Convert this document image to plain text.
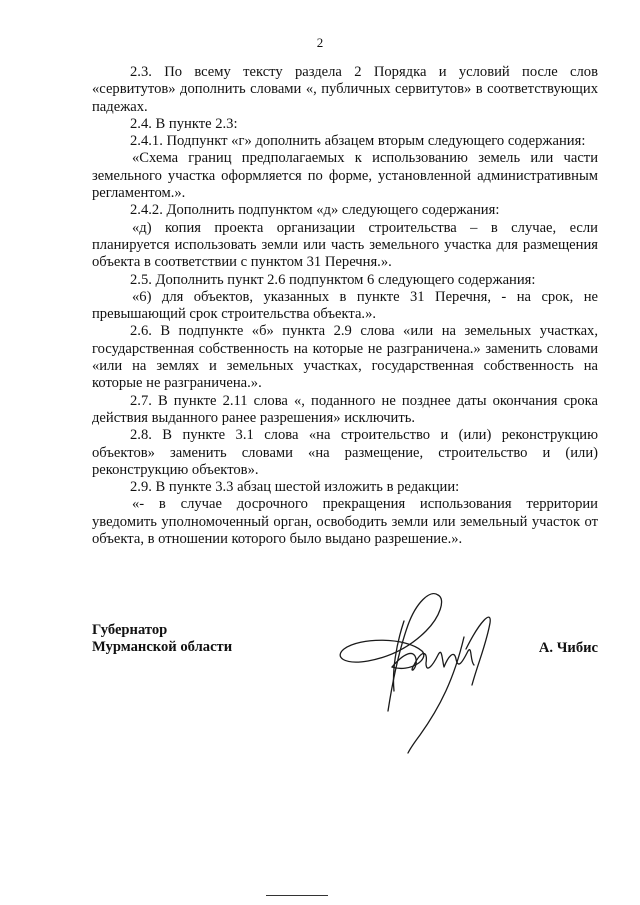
2

2.3. По всему тексту раздела 2 Порядка и условий после слов «сервитутов» дополнить словами «, публичных сервитутов» в соответствующих падежах.

2.4. В пункте 2.3:

2.4.1. Подпункт «г» дополнить абзацем вторым следующего содержания:

«Схема границ предполагаемых к использованию земель или части земельного участка оформляется по форме, установленной административным регламентом.».

2.4.2. Дополнить подпунктом «д» следующего содержания:

«д) копия проекта организации строительства – в случае, если планируется использовать земли или часть земельного участка для размещения объекта в соответствии с пунктом 31 Перечня.».

2.5. Дополнить пункт 2.6 подпунктом 6 следующего содержания:

«6) для объектов, указанных в пункте 31 Перечня, - на срок, не превышающий срок строительства объекта.».

2.6. В подпункте «б» пункта 2.9 слова «или на земельных участках, государственная собственность на которые не разграничена.» заменить словами «или на землях и земельных участках, государственная собственность на которые не разграничена.».

2.7. В пункте 2.11 слова «, поданного не позднее даты окончания срока действия выданного ранее разрешения» исключить.

2.8. В пункте 3.1 слова «на строительство и (или) реконструкцию объектов» заменить словами «на размещение, строительство и (или) реконструкцию объектов».

2.9. В пункте 3.3 абзац шестой изложить в редакции:

«- в случае досрочного прекращения использования территории уведомить уполномоченный орган, освободить земли или земельный участок от объекта, в отношении которого было выдано разрешение.».

Губернатор
Мурманской области	А. Чибис
